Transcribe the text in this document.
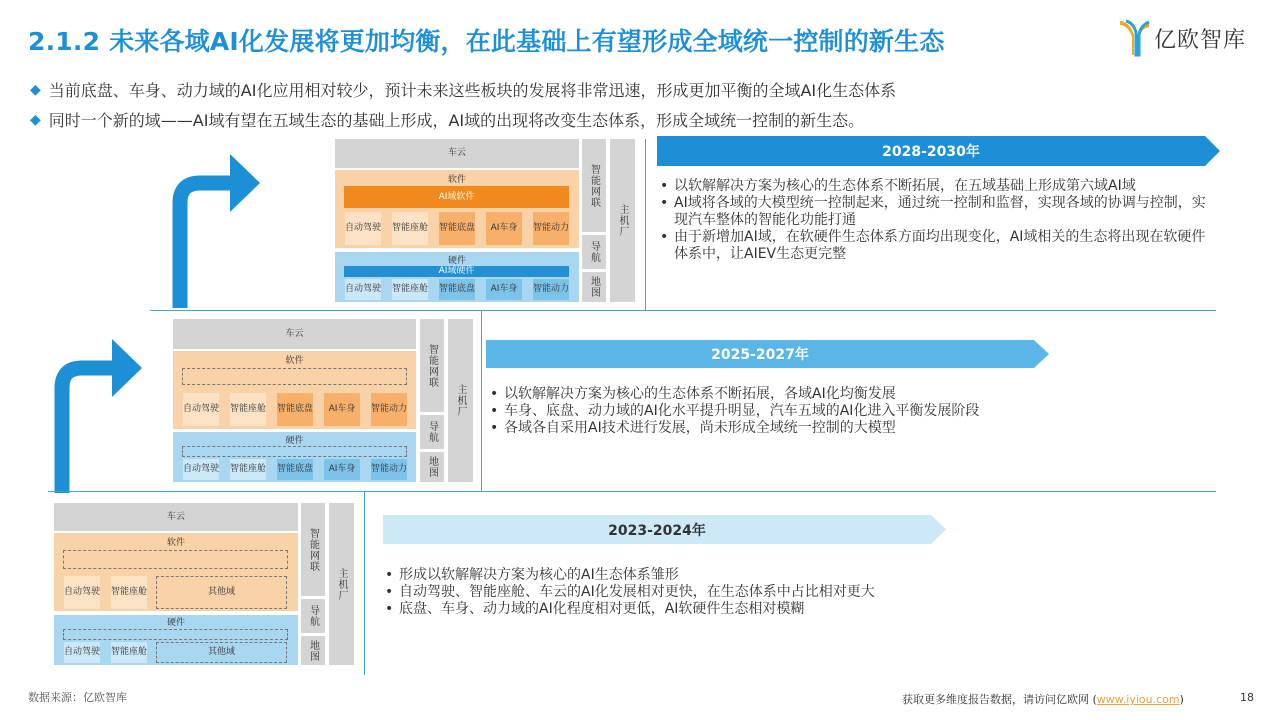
2.1.2 未来各域AI化发展将更加均衡，在此基础上有望形成全域统一控制的新生态	亿欧智库
◆ 当前底盘、车身、动力域的AI化应用相对较少，预计未来这些板块的发展将非常迅速，形成更加平衡的全域AI化生态体系
◆ 同时一个新的域——AI域有望在五域生态的基础上形成，AI域的出现将改变生态体系，形成全域统一控制的新生态。
车云
软件
AI域软件
自动驾驶 智能座舱 智能底盘	AI车身	智能动力
硬件
AI域硬件
自动驾驶 智能座舱 智能底盘	AI车身	智能动力
智能网联
导航
地图
主机厂
车云
软件
自动驾驶 智能座舱 智能底盘	AI车身	智能动力
硬件
自动驾驶 智能座舱 智能底盘	AI车身	智能动力
智能网联
导航
地图
主机厂
车云
软件
自动驾驶 智能座舱	其他域
硬件
自动驾驶 智能座舱	其他域
智能网联
导航
地图
主机厂
2028-2030年
2025-2027年
2023-2024年
• 以软解解决方案为核心的生态体系不断拓展，在五域基础上形成第六域AI域
• AI域将各域的大模型统一控制起来，通过统一控制和监督，实现各域的协调与控制，实现汽车整体的智能化功能打通
• 由于新增加AI域，在软硬件生态体系方面均出现变化，AI域相关的生态将出现在软硬件体系中，让AIEV生态更完整
• 以软解解决方案为核心的生态体系不断拓展，各域AI化均衡发展
• 车身、底盘、动力域的AI化水平提升明显，汽车五域的AI化进入平衡发展阶段
• 各域各自采用AI技术进行发展，尚未形成全域统一控制的大模型
• 形成以软解解决方案为核心的AI生态体系雏形
• 自动驾驶、智能座舱、车云的AI化发展相对更快，在生态体系中占比相对更大
• 底盘、车身、动力域的AI化程度相对更低，AI软硬件生态相对模糊
数据来源：亿欧智库	获取更多维度报告数据，请访问亿欧网 (www.iyiou.com)	18
